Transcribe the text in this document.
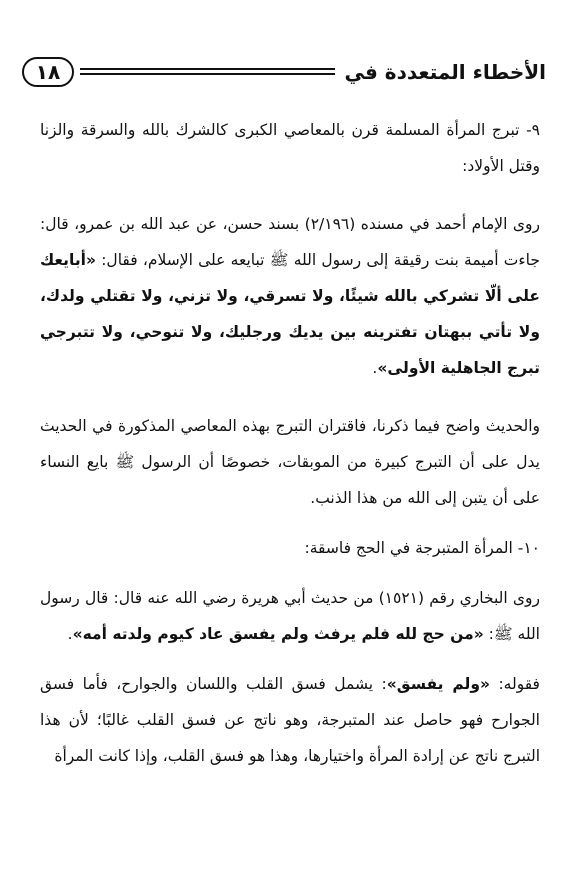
١٨	الأخطاء المتعددة في

٩- تبرج المرأة المسلمة قرن بالمعاصي الكبرى كالشرك بالله والسرقة والزنا وقتل الأولاد:

روى الإمام أحمد في مسنده (٢/١٩٦) بسند حسن، عن عبد الله بن عمرو، قال: جاءت أميمة بنت رقيقة إلى رسول الله ﷺ تبايعه على الإسلام، فقال: «أبايعك على ألّا تشركي بالله شيئًا، ولا تسرقي، ولا تزني، ولا تقتلي ولدك، ولا تأتي ببهتان تفترينه بين يديك ورجليك، ولا تنوحي، ولا تتبرجي تبرج الجاهلية الأولى».

والحديث واضح فيما ذكرنا، فاقتران التبرج بهذه المعاصي المذكورة في الحديث يدل على أن التبرج كبيرة من الموبقات، خصوصًا أن الرسول ﷺ بايع النساء على أن يتبن إلى الله من هذا الذنب.

١٠- المرأة المتبرجة في الحج فاسقة:

روى البخاري رقم (١٥٢١) من حديث أبي هريرة رضي الله عنه قال: قال رسول الله ﷺ: «من حج لله فلم يرفث ولم يفسق عاد كيوم ولدته أمه».

فقوله: «ولم يفسق»: يشمل فسق القلب واللسان والجوارح، فأما فسق الجوارح فهو حاصل عند المتبرجة، وهو ناتج عن فسق القلب غالبًا؛ لأن هذا التبرج ناتج عن إرادة المرأة واختيارها، وهذا هو فسق القلب، وإذا كانت المرأة
